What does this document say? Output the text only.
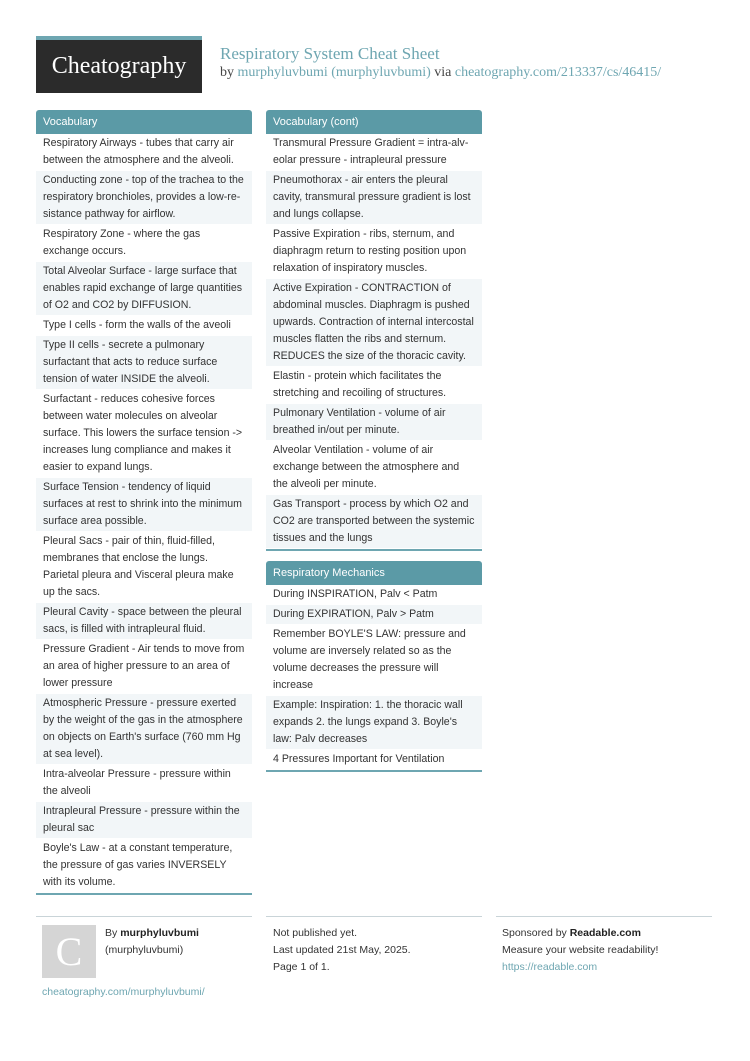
Cheatography Respiratory System Cheat Sheet
by murphyluvbumi (murphyluvbumi) via cheatography.com/213337/cs/46415/
Vocabulary
Respiratory Airways - tubes that carry air between the atmosphere and the alveoli.
Conducting zone - top of the trachea to the respiratory bronchioles, provides a low-resistance pathway for airflow.
Respiratory Zone - where the gas exchange occurs.
Total Alveolar Surface - large surface that enables rapid exchange of large quantities of O2 and CO2 by DIFFUSION.
Type I cells - form the walls of the aveoli
Type II cells - secrete a pulmonary surfactant that acts to reduce surface tension of water INSIDE the alveoli.
Surfactant - reduces cohesive forces between water molecules on alveolar surface. This lowers the surface tension -> increases lung compliance and makes it easier to expand lungs.
Surface Tension - tendency of liquid surfaces at rest to shrink into the minimum surface area possible.
Pleural Sacs - pair of thin, fluid-filled, membranes that enclose the lungs. Parietal pleura and Visceral pleura make up the sacs.
Pleural Cavity - space between the pleural sacs, is filled with intrapleural fluid.
Pressure Gradient - Air tends to move from an area of higher pressure to an area of lower pressure
Atmospheric Pressure - pressure exerted by the weight of the gas in the atmosphere on objects on Earth's surface (760 mm Hg at sea level).
Intra-alveolar Pressure - pressure within the alveoli
Intrapleural Pressure - pressure within the pleural sac
Boyle's Law - at a constant temperature, the pressure of gas varies INVERSELY with its volume.
Vocabulary (cont)
Transmural Pressure Gradient = intra-alveolar pressure - intrapleural pressure
Pneumothorax - air enters the pleural cavity, transmural pressure gradient is lost and lungs collapse.
Passive Expiration - ribs, sternum, and diaphragm return to resting position upon relaxation of inspiratory muscles.
Active Expiration - CONTRACTION of abdominal muscles. Diaphragm is pushed upwards. Contraction of internal intercostal muscles flatten the ribs and sternum. REDUCES the size of the thoracic cavity.
Elastin - protein which facilitates the stretching and recoiling of structures.
Pulmonary Ventilation - volume of air breathed in/out per minute.
Alveolar Ventilation - volume of air exchange between the atmosphere and the alveoli per minute.
Gas Transport - process by which O2 and CO2 are transported between the systemic tissues and the lungs
Respiratory Mechanics
During INSPIRATION, Palv < Patm
During EXPIRATION, Palv > Patm
Remember BOYLE'S LAW: pressure and volume are inversely related so as the volume decreases the pressure will increase
Example: Inspiration: 1. the thoracic wall expands 2. the lungs expand 3. Boyle's law: Palv decreases
4 Pressures Important for Ventilation
C By murphyluvbumi
(murphyluvbumi)
cheatography.com/murphyluvbumi/
Not published yet.
Last updated 21st May, 2025.
Page 1 of 1.
Sponsored by Readable.com
Measure your website readability!
https://readable.com
